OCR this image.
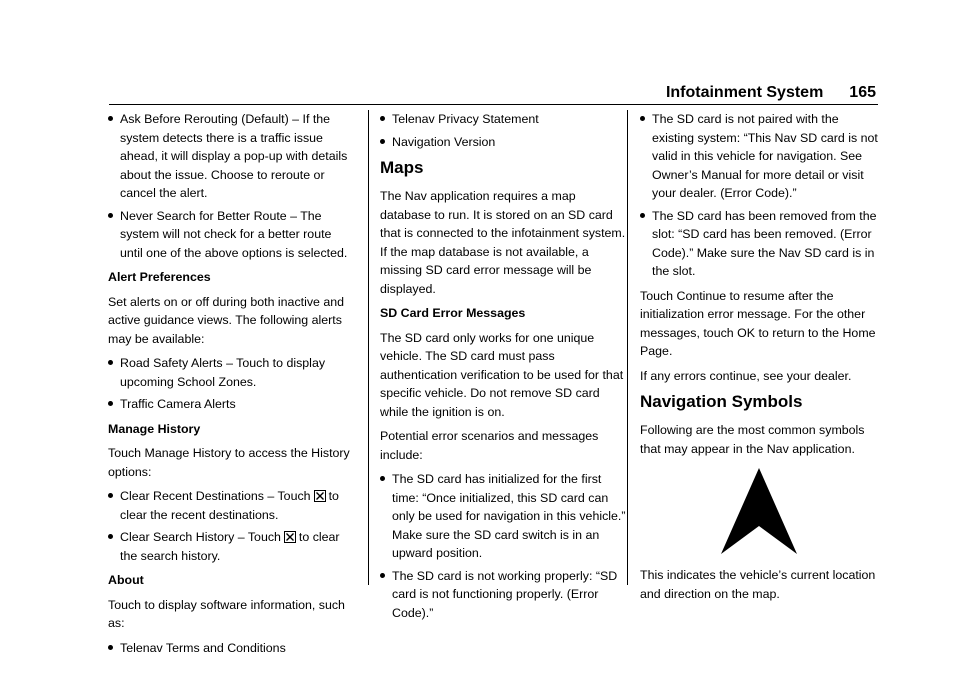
Infotainment System 165
Ask Before Rerouting (Default) – If the system detects there is a traffic issue ahead, it will display a pop-up with details about the issue. Choose to reroute or cancel the alert.
Never Search for Better Route – The system will not check for a better route until one of the above options is selected.

Alert Preferences

Set alerts on or off during both inactive and active guidance views. The following alerts may be available:

Road Safety Alerts – Touch to display upcoming School Zones.
Traffic Camera Alerts

Manage History

Touch Manage History to access the History options:

Clear Recent Destinations – Touch to clear the recent destinations.
Clear Search History – Touch to clear the search history.

About

Touch to display software information, such as:

Telenav Terms and Conditions
Telenav Privacy Statement
Navigation Version
Maps

The Nav application requires a map database to run. It is stored on an SD card that is connected to the infotainment system. If the map database is not available, a missing SD card error message will be displayed.

SD Card Error Messages

The SD card only works for one unique vehicle. The SD card must pass authentication verification to be used for that specific vehicle. Do not remove SD card while the ignition is on.

Potential error scenarios and messages include:

The SD card has initialized for the first time: “Once initialized, this SD card can only be used for navigation in this vehicle.” Make sure the SD card switch is in an upward position.
The SD card is not working properly: “SD card is not functioning properly. (Error Code).”
The SD card is not paired with the existing system: “This Nav SD card is not valid in this vehicle for navigation. See Owner’s Manual for more detail or visit your dealer. (Error Code).”
The SD card has been removed from the slot: “SD card has been removed. (Error Code).” Make sure the Nav SD card is in the slot.

Touch Continue to resume after the initialization error message. For the other messages, touch OK to return to the Home Page.

If any errors continue, see your dealer.

Navigation Symbols

Following are the most common symbols that may appear in the Nav application.

This indicates the vehicle’s current location and direction on the map.
